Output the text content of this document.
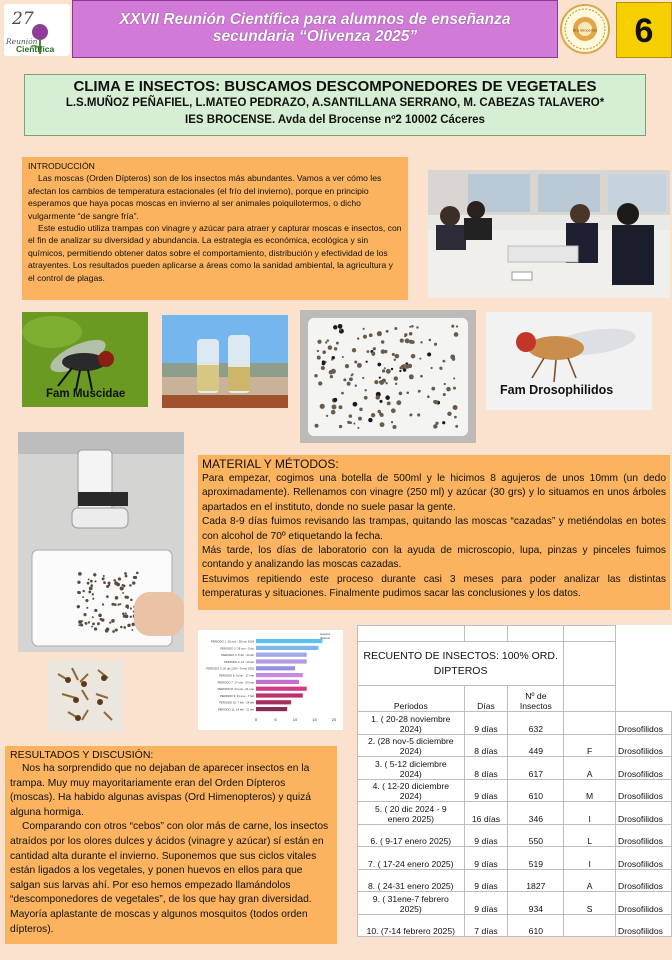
27
Reunión
Científica
XXVII Reunión Científica para alumnos de enseñanza
secundaria “Olivenza 2025”	IES Brocense	6
CLIMA E INSECTOS: BUSCAMOS DESCOMPONEDORES DE VEGETALES
L.S.MUÑOZ PEÑAFIEL, L.MATEO PEDRAZO, A.SANTILLANA SERRANO, M. CABEZAS TALAVERO*
IES BROCENSE. Avda del Brocense nº2 10002 Cáceres

INTRODUCCIÓN

Las moscas (Orden Dípteros) son de los insectos más abundantes. Vamos a ver cómo les afectan los cambios de temperatura estacionales (el frío del invierno), porque en principio esperamos que haya pocas moscas en invierno al ser animales poiquilotermos, o dicho vulgarmente “de sangre fría”.

Este estudio utiliza trampas con vinagre y azúcar para atraer y capturar moscas e insectos, con el fin de analizar su diversidad y abundancia. La estrategia es económica, ecológica y sin químicos, permitiendo obtener datos sobre el comportamiento, distribución y efectividad de los atrayentes. Los resultados pueden aplicarse a áreas como la sanidad ambiental, la agricultura y el control de plagas.

Fam Muscidae	Fam Drosophilidos

MATERIAL Y MÉTODOS:

Para empezar, cogimos una botella de 500ml y le hicimos 8 agujeros de unos 10mm (un dedo aproximadamente). Rellenamos con vinagre (250 ml) y azúcar (30 grs) y lo situamos en unos árboles apartados en el instituto, donde no suele pasar la gente.

Cada 8-9 días fuimos revisando las trampas, quitando las moscas “cazadas” y metiéndolas en botes con alcohol de 70º etiquetando la fecha.

Más tarde, los días de laboratorio con la ayuda de microscopio, lupa, pinzas y pinceles fuimos contando y analizando las moscas cazadas.

Estuvimos repitiendo este proceso durante casi 3 meses para poder analizar las distintas temperaturas y situaciones. Finalmente pudimos sacar las conclusiones y los datos.

PERIODO 1: 20 nov - 28 nov 2024
PERIODO 2: 28 nov - 5 dic
PERIODO 3: 5 dic - 12 dic
PERIODO 4: 12 - 20 dic
PERIODO 5: 20 dic 2024 - 9 ene 2025
PERIODO 6: 9 ene - 17 ene
PERIODO 7: 17 ene - 24 ene
PERIODO 8: 24 ene - 31 ene
PERIODO 9: 31 ene - 7 feb
PERIODO 10: 7 feb - 14 feb
PERIODO 11: 14 feb - 21 feb
0	5	10	15	20
insectos
dipteros

RECUENTO DE INSECTOS: 100% ORD.
DIPTEROS				

Periodos	Días	Nº de
Insectos		

1. ( 20-28 noviembre
2024)	9 días	632		Drosofilidos

2. (28 nov-5 diciembre
2024)	8 días	449	F	Drosofilidos

3. ( 5-12 diciembre
2024)	8 días	617	A	Drosofilidos

4. ( 12-20 diciembre
2024)	9 días	610	M	Drosofilidos

5. ( 20 dic 2024 - 9
enero 2025)	16 días	346	I	Drosofilidos

6. ( 9-17 enero 2025)	9 días	550	L	Drosofilidos

7. ( 17-24 enero 2025)	9 días	519	I	Drosofilidos

8. ( 24-31 enero 2025)	9 días	1827	A	Drosofilidos

9. ( 31ene-7 febrero
2025)	9 días	934	S	Drosofilidos

10. (7-14 febrero 2025)	7 días	610		Drosofilidos

RESULTADOS Y DISCUSIÓN:

Nos ha sorprendido que no dejaban de aparecer insectos en la trampa. Muy muy mayoritariamente eran del Orden Dípteros (moscas). Ha habido algunas avispas (Ord Himenopteros) y quizá alguna hormiga.

Comparando con otros “cebos” con olor más de carne, los insectos atraídos por los olores dulces y ácidos (vinagre y azúcar) sí están en cantidad alta durante el invierno. Suponemos que sus ciclos vitales están ligados a los vegetales, y ponen huevos en ellos para que salgan sus larvas ahí. Por eso hemos empezado llamándolos “descomponedores de vegetales”, de los que hay gran diversidad. Mayoría aplastante de moscas y algunos mosquitos (todos orden dípteros).
